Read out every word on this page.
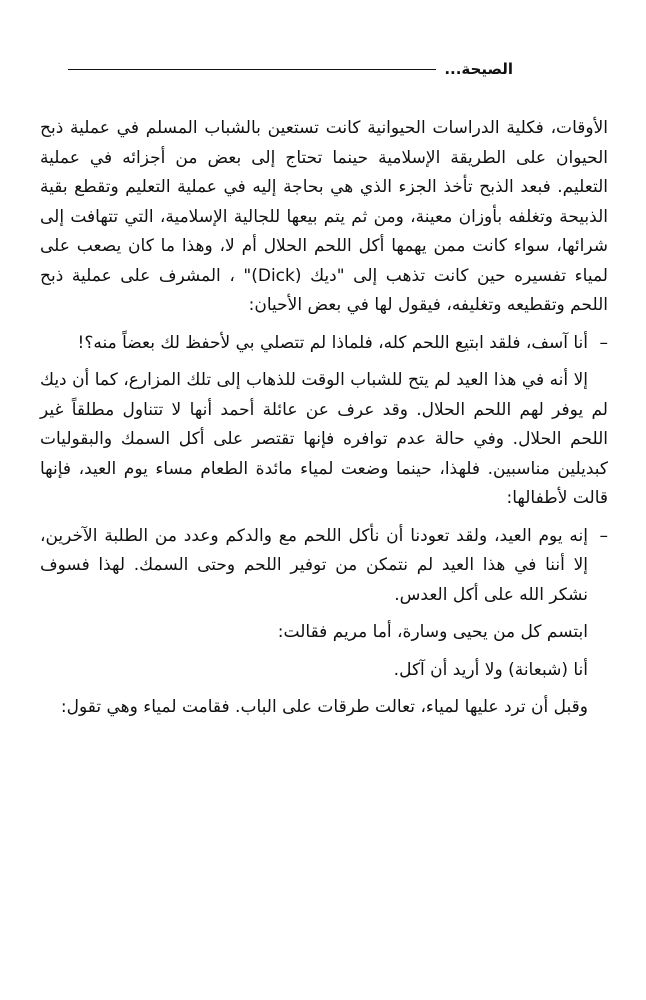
الصيحة...

الأوقات، فكلية الدراسات الحيوانية كانت تستعين بالشباب المسلم في عملية ذبح الحيوان على الطريقة الإسلامية حينما تحتاج إلى بعض من أجزائه في عملية التعليم. فبعد الذبح تأخذ الجزء الذي هي بحاجة إليه في عملية التعليم وتقطع بقية الذبيحة وتغلفه بأوزان معينة، ومن ثم يتم بيعها للجالية الإسلامية، التي تتهافت إلى شرائها، سواء كانت ممن يهمها أكل اللحم الحلال أم لا، وهذا ما كان يصعب على لمياء تفسيره حين كانت تذهب إلى "ديك (Dick)" ، المشرف على عملية ذبح اللحم وتقطيعه وتغليفه، فيقول لها في بعض الأحيان:

–
أنا آسف، فلقد ابتيع اللحم كله، فلماذا لم تتصلي بي لأحفظ لك بعضاً منه؟!

إلا أنه في هذا العيد لم يتح للشباب الوقت للذهاب إلى تلك المزارع، كما أن ديك لم يوفر لهم اللحم الحلال. وقد عرف عن عائلة أحمد أنها لا تتناول مطلقاً غير اللحم الحلال. وفي حالة عدم توافره فإنها تقتصر على أكل السمك والبقوليات كبديلين مناسبين. فلهذا، حينما وضعت لمياء مائدة الطعام مساء يوم العيد، فإنها قالت لأطفالها:

–
إنه يوم العيد، ولقد تعودنا أن نأكل اللحم مع والدكم وعدد من الطلبة الآخرين، إلا أننا في هذا العيد لم نتمكن من توفير اللحم وحتى السمك. لهذا فسوف نشكر الله على أكل العدس.

ابتسم كل من يحيى وسارة، أما مريم فقالت:

أنا (شبعانة) ولا أريد أن آكل.

وقبل أن ترد عليها لمياء، تعالت طرقات على الباب. فقامت لمياء وهي تقول:
